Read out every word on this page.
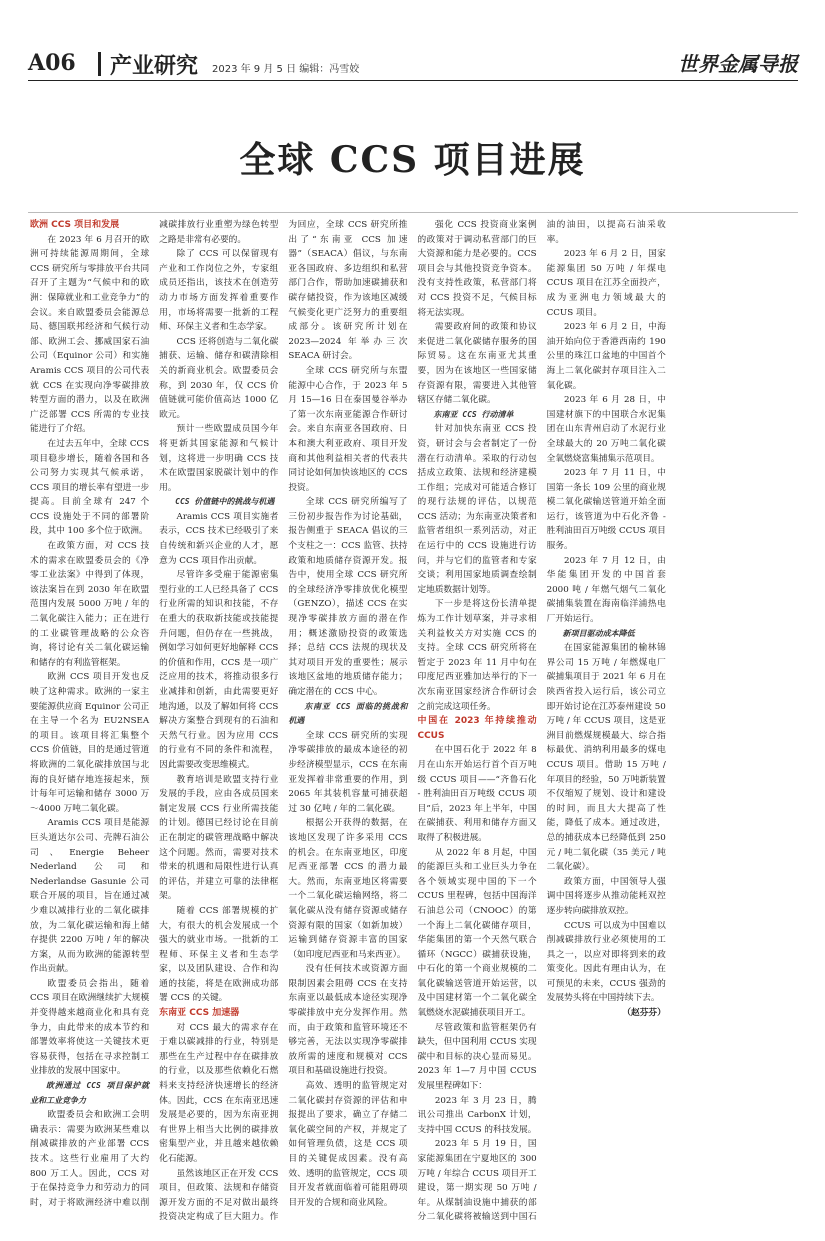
A06 产业研究 2023 年 9 月 5 日 编辑：冯雪姣	世界金属导报
全球 CCS 项目进展
欧洲 CCS 项目和发展

在 2023 年 6 月召开的欧洲可持续能源周期间，全球 CCS 研究所与零排放平台共同召开了主题为“气候中和的欧洲：保障就业和工业竞争力”的会议。来自欧盟委员会能源总局、德国联邦经济和气候行动部、欧洲工会、挪威国家石油公司（Equinor 公司）和实施 Aramis CCS 项目的公司代表就 CCS 在实现向净零碳排放转型方面的潜力，以及在欧洲广泛部署 CCS 所需的专业技能进行了介绍。

在过去五年中，全球 CCS 项目稳步增长，随着各国和各公司努力实现其气候承诺，CCS 项目的增长率有望进一步提高。目前全球有 247 个 CCS 设施处于不同的部署阶段，其中 100 多个位于欧洲。

在政策方面，对 CCS 技术的需求在欧盟委员会的《净零工业法案》中得到了体现，该法案旨在到 2030 年在欧盟范围内发展 5000 万吨 / 年的二氧化碳注入能力；正在进行的工业碳管理战略的公众咨询，将讨论有关二氧化碳运输和储存的有利监管框架。

欧洲 CCS 项目开发也反映了这种需求。欧洲的一家主要能源供应商 Equinor 公司正在主导一个名为 EU2NSEA 的项目。该项目将汇集整个 CCS 价值链，目的是通过管道将欧洲的二氧化碳排放国与北海的良好储存地连接起来，预计每年可运输和储存 3000 万～4000 万吨二氧化碳。

Aramis CCS 项目是能源巨头道达尔公司、壳牌石油公司、Energie Beheer Nederland 公司和 Nederlandse Gasunie 公司联合开展的项目，旨在通过减少难以减排行业的二氧化碳排放，为二氧化碳运输和海上储存提供 2200 万吨 / 年的解决方案，从而为欧洲的能源转型作出贡献。

欧盟委员会指出，随着 CCS 项目在欧洲继续扩大规模并变得越来越商业化和具有竞争力，由此带来的成本节约和部署效率将使这一关键技术更容易获得，包括在寻求控制工业排放的发展中国家中。

欧洲通过 CCS 项目保护就业和工业竞争力

欧盟委员会和欧洲工会明确表示：需要为欧洲某些难以削减碳排放的产业部署 CCS 技术。这些行业雇用了大约 800 万工人。因此，CCS 对于在保持竞争力和劳动力的同时，对于将欧洲经济中难以削减碳排放行业重塑为绿色转型之路是非常有必要的。

除了 CCS 可以保留现有产业和工作岗位之外，专家组成员还指出，该技术在创造劳动力市场方面发挥着重要作用，市场将需要一批新的工程师、环保主义者和生态学家。

CCS 还将创造与二氧化碳捕获、运输、储存和碳清除相关的新商业机会。欧盟委员会称，到 2030 年，仅 CCS 价值链就可能价值高达 1000 亿欧元。

预计一些欧盟成员国今年将更新其国家能源和气候计划，这将进一步明确 CCS 技术在欧盟国家脱碳计划中的作用。

CCS 价值链中的挑战与机遇

Aramis CCS 项目实施者表示，CCS 技术已经吸引了来自传统和新兴企业的人才，愿意为 CCS 项目作出贡献。

尽管许多受雇于能源密集型行业的工人已经具备了 CCS 行业所需的知识和技能，不存在重大的获取新技能或技能提升问题，但仍存在一些挑战，例如学习如何更好地解释 CCS 的价值和作用，CCS 是一项广泛应用的技术，将推动很多行业减排和创新，由此需要更好地沟通，以及了解如何将 CCS 解决方案整合到现有的石油和天然气行业。因为应用 CCS 的行业有不同的条件和流程，因此需要改变思维模式。

教育培训是欧盟支持行业发展的手段，应由各成员国来制定发展 CCS 行业所需技能的计划。德国已经讨论在目前正在制定的碳管理战略中解决这个问题。然而，需要对技术带来的机遇和局限性进行认真的评估，并建立可靠的法律框架。

随着 CCS 部署规模的扩大，有很大的机会发展成一个强大的就业市场。一批新的工程师、环保主义者和生态学家，以及团队建设、合作和沟通的技能，将是在欧洲成功部署 CCS 的关键。

东南亚 CCS 加速器

对 CCS 最大的需求存在于难以碳减排的行业，特别是那些在生产过程中存在碳排放的行业，以及那些依赖化石燃料来支持经济快速增长的经济体。因此，CCS 在东南亚迅速发展是必要的，因为东南亚拥有世界上相当大比例的碳排放密集型产业，并且越来越依赖化石能源。

虽然该地区正在开发 CCS 项目，但政策、法规和存储资源开发方面的不足对做出最终投资决定构成了巨大阻力。作为回应，全球 CCS 研究所推出了“东南亚 CCS 加速器”（SEACA）倡议，与东南亚各国政府、多边组织和私营部门合作，帮助加速碳捕获和碳存储投资，作为该地区减缓气候变化更广泛努力的重要组成部分。该研究所计划在 2023—2024 年举办三次 SEACA 研讨会。

全球 CCS 研究所与东盟能源中心合作，于 2023 年 5 月 15—16 日在泰国曼谷举办了第一次东南亚能源合作研讨会。来自东南亚各国政府、日本和澳大利亚政府、项目开发商和其他利益相关者的代表共同讨论如何加快该地区的 CCS 投资。

全球 CCS 研究所编写了三份初步报告作为讨论基础，报告侧重于 SEACA 倡议的三个支柱之一：CCS 监管、扶持政策和地质储存资源开发。报告中，使用全球 CCS 研究所的全球经济净零排放优化模型（GENZO），描述 CCS 在实现净零碳排放方面的潜在作用；概述激励投资的政策选择；总结 CCS 法规的现状及其对项目开发的重要性；展示该地区盆地的地质储存能力；确定潜在的 CCS 中心。

东南亚 CCS 面临的挑战和机遇

全球 CCS 研究所的实现净零碳排放的最成本途径的初步经济模型显示，CCS 在东南亚发挥着非常重要的作用，到 2065 年其装机容量可捕获超过 30 亿吨 / 年的二氧化碳。

根据公开获得的数据，在该地区发现了许多采用 CCS 的机会。在东南亚地区，印度尼西亚部署 CCS 的潜力最大。然而，东南亚地区将需要一个二氧化碳运输网络，将二氧化碳从没有储存资源或储存资源有限的国家（如新加坡）运输到储存资源丰富的国家（如印度尼西亚和马来西亚）。

没有任何技术或资源方面限制因素会阻碍 CCS 在支持东南亚以最低成本途径实现净零碳排放中充分发挥作用。然而，由于政策和监管环境还不够完善，无法以实现净零碳排放所需的速度和规模对 CCS 项目和基础设施进行投资。

高效、透明的监管规定对二氧化碳封存资源的评估和申报提出了要求，确立了存储二氧化碳空间的产权，并规定了如何管理负债，这是 CCS 项目的关键促成因素。没有高效、透明的监管规定，CCS 项目开发者就面临着可能阻碍项目开发的合规和商业风险。

强化 CCS 投资商业案例的政策对于调动私营部门的巨大资源和能力是必要的。CCS 项目会与其他投资竞争资本。没有支持性政策，私营部门将对 CCS 投资不足，气候目标将无法实现。

需要政府间的政策和协议来促进二氧化碳储存服务的国际贸易。这在东南亚尤其重要，因为在该地区一些国家储存资源有限，需要进入其他管辖区存储二氧化碳。

东南亚 CCS 行动清单

针对加快东南亚 CCS 投资，研讨会与会者制定了一份潜在行动清单。采取的行动包括成立政策、法规和经济建模工作组；完成对可能适合修订的现行法规的评估，以规范 CCS 活动；为东南亚决策者和监管者组织一系列活动，对正在运行中的 CCS 设施进行访问，并与它们的监管者和专家交谈；利用国家地质调查绘制定地质数据计划等。

下一步是将这份长清单提炼为工作计划草案，并寻求相关利益攸关方对实施 CCS 的支持。全球 CCS 研究所将在暂定于 2023 年 11 月中旬在印度尼西亚雅加达举行的下一次东南亚国家经济合作研讨会之前完成这项任务。

中国在 2023 年持续推动 CCUS

在中国石化于 2022 年 8 月在山东开始运行首个百万吨级 CCUS 项目——“齐鲁石化 - 胜利油田百万吨级 CCUS 项目”后，2023 年上半年，中国在碳捕获、利用和储存方面又取得了积极进展。

从 2022 年 8 月起，中国的能源巨头和工业巨头力争在各个领域实现中国的下一个 CCUS 里程碑，包括中国海洋石油总公司（CNOOC）的第一个海上二氧化碳储存项目，华能集团的第一个天然气联合循环（NGCC）碳捕获设施，中石化的第一个商业规模的二氧化碳输送管道开始运营，以及中国建材第一个二氧化碳全氧燃烧水泥碳捕获项目开工。

尽管政策和监管框架仍有缺失，但中国利用 CCUS 实现碳中和目标的决心显而易见。2023 年 1—7 月中国 CCUS 发展里程碑如下：

2023 年 3 月 23 日，腾讯公司推出 CarbonX 计划，支持中国 CCUS 的科技发展。

2023 年 5 月 19 日，国家能源集团在宁夏地区的 300 万吨 / 年综合 CCUS 项目开工建设，第一期实现 50 万吨 / 年。从煤制油设施中捕获的部分二氧化碳将被输送到中国石油的油田，以提高石油采收率。

2023 年 6 月 2 日，国家能源集团 50 万吨 / 年煤电 CCUS 项目在江苏全面投产，成为亚洲电力领域最大的 CCUS 项目。

2023 年 6 月 2 日，中海油开始向位于香港西南约 190 公里的珠江口盆地的中国首个海上二氧化碳封存项目注入二氧化碳。

2023 年 6 月 28 日，中国建材旗下的中国联合水泥集团在山东青州启动了水泥行业全球最大的 20 万吨二氧化碳全氧燃烧富集捕集示范项目。

2023 年 7 月 11 日，中国第一条长 109 公里的商业规模二氧化碳输送管道开始全面运行，该管道为中石化齐鲁 - 胜利油田百万吨级 CCUS 项目服务。

2023 年 7 月 12 日，由华能集团开发的中国首套 2000 吨 / 年燃气烟气二氧化碳捕集装置在海南临洋浦热电厂开始运行。

新项目驱动成本降低

在国家能源集团的榆林锦界公司 15 万吨 / 年燃煤电厂碳捕集项目于 2021 年 6 月在陕西省投入运行后，该公司立即开始讨论在江苏泰州建设 50 万吨 / 年 CCUS 项目，这是亚洲目前燃煤规模最大、综合指标最优、消纳利用最多的煤电 CCUS 项目。借助 15 万吨 / 年项目的经验，50 万吨新装置不仅缩短了规划、设计和建设的时间，而且大大提高了性能，降低了成本。通过改进，总的捕获成本已经降低到 250 元 / 吨二氧化碳（35 美元 / 吨二氧化碳）。

政策方面，中国领导人强调中国将逐步从推动能耗双控逐步转向碳排放双控。

CCUS 可以成为中国难以削减碳排放行业必须使用的工具之一，以应对即将到来的政策变化。因此有理由认为，在可预见的未来，CCUS 强劲的发展势头将在中国持续下去。

（赵芬芬）
